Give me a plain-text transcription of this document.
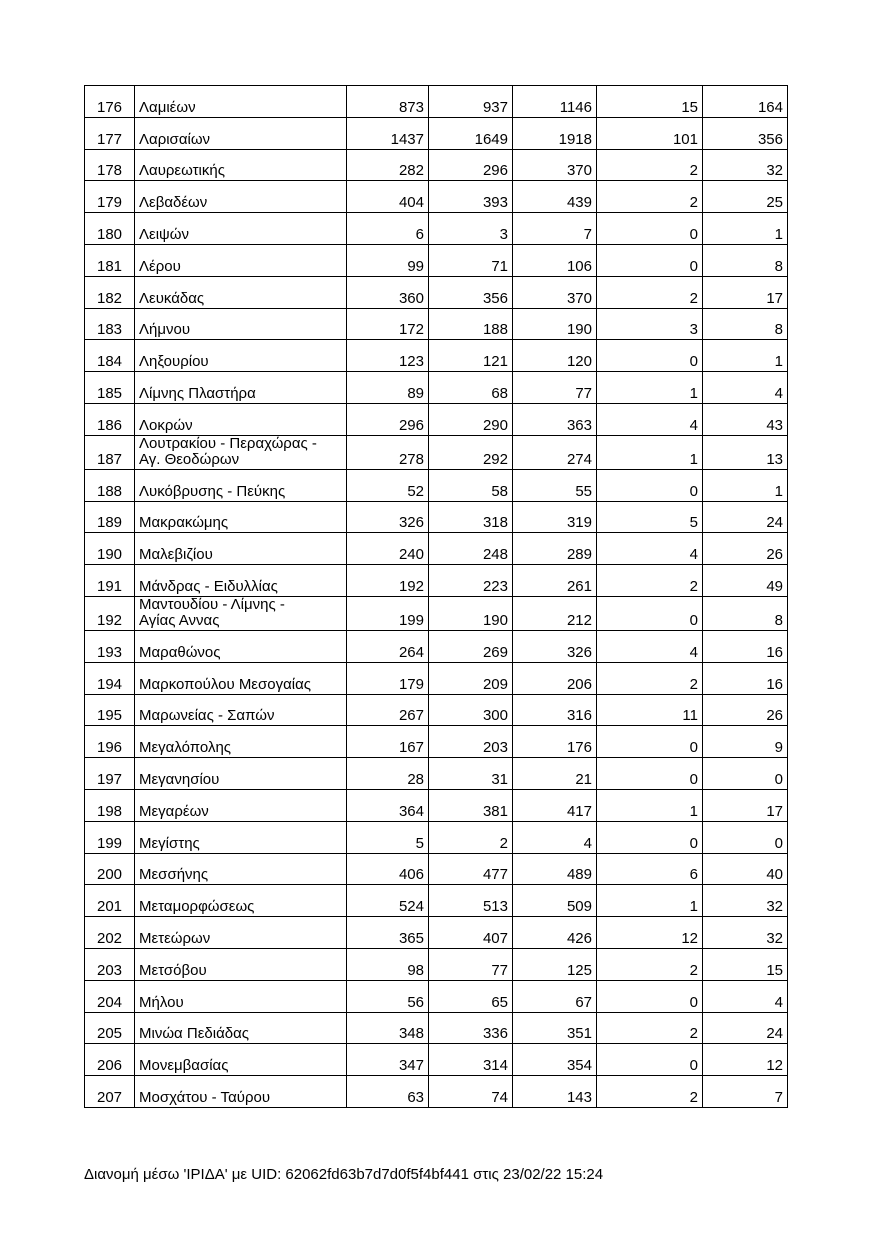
176	Λαμιέων	873	937	1146	15	164
177	Λαρισαίων	1437	1649	1918	101	356
178	Λαυρεωτικής	282	296	370	2	32
179	Λεβαδέων	404	393	439	2	25
180	Λειψών	6	3	7	0	1
181	Λέρου	99	71	106	0	8
182	Λευκάδας	360	356	370	2	17
183	Λήμνου	172	188	190	3	8
184	Ληξουρίου	123	121	120	0	1
185	Λίμνης Πλαστήρα	89	68	77	1	4
186	Λοκρών	296	290	363	4	43
187	Λουτρακίου - Περαχώρας -
Αγ. Θεοδώρων	278	292	274	1	13
188	Λυκόβρυσης - Πεύκης	52	58	55	0	1
189	Μακρακώμης	326	318	319	5	24
190	Μαλεβιζίου	240	248	289	4	26
191	Μάνδρας - Ειδυλλίας	192	223	261	2	49
192	Μαντουδίου - Λίμνης -
Αγίας Αννας	199	190	212	0	8
193	Μαραθώνος	264	269	326	4	16
194	Μαρκοπούλου Μεσογαίας	179	209	206	2	16
195	Μαρωνείας - Σαπών	267	300	316	11	26
196	Μεγαλόπολης	167	203	176	0	9
197	Μεγανησίου	28	31	21	0	0
198	Μεγαρέων	364	381	417	1	17
199	Μεγίστης	5	2	4	0	0
200	Μεσσήνης	406	477	489	6	40
201	Μεταμορφώσεως	524	513	509	1	32
202	Μετεώρων	365	407	426	12	32
203	Μετσόβου	98	77	125	2	15
204	Μήλου	56	65	67	0	4
205	Μινώα Πεδιάδας	348	336	351	2	24
206	Μονεμβασίας	347	314	354	0	12
207	Μοσχάτου - Ταύρου	63	74	143	2	7
Διανομή μέσω 'ΙΡΙΔΑ' με UID: 62062fd63b7d7d0f5f4bf441 στις 23/02/22 15:24
